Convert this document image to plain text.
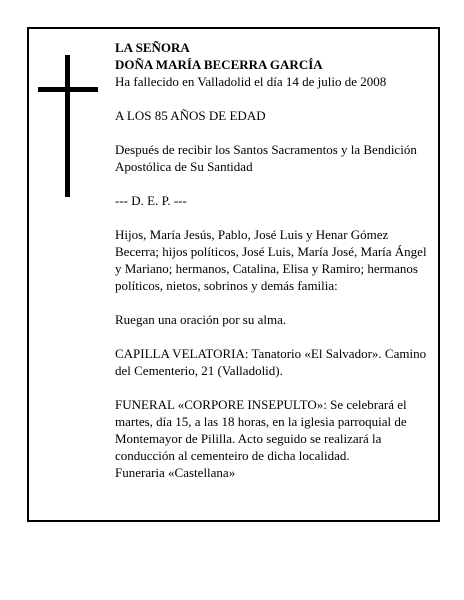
LA SEÑORA

DOÑA MARÍA BECERRA GARCÍA

Ha fallecido en Valladolid el día 14 de julio de 2008

A LOS 85 AÑOS DE EDAD

Después de recibir los Santos Sacramentos y la Bendición Apostólica de Su Santidad

--- D. E. P. ---

Hijos, María Jesús, Pablo, José Luis y Henar Gómez Becerra; hijos políticos, José Luis, María José, María Ángel y Mariano; hermanos, Catalina, Elisa y Ramiro; hermanos políticos, nietos, sobrinos y demás familia:

Ruegan una oración por su alma.

CAPILLA VELATORIA: Tanatorio «El Salvador». Camino del Cementerio, 21 (Valladolid).

FUNERAL «CORPORE INSEPULTO»: Se celebrará el martes, día 15, a las 18 horas, en la iglesia parroquial de Montemayor de Pililla. Acto seguido se realizará la conducción al cementeiro de dicha localidad.

Funeraria «Castellana»
